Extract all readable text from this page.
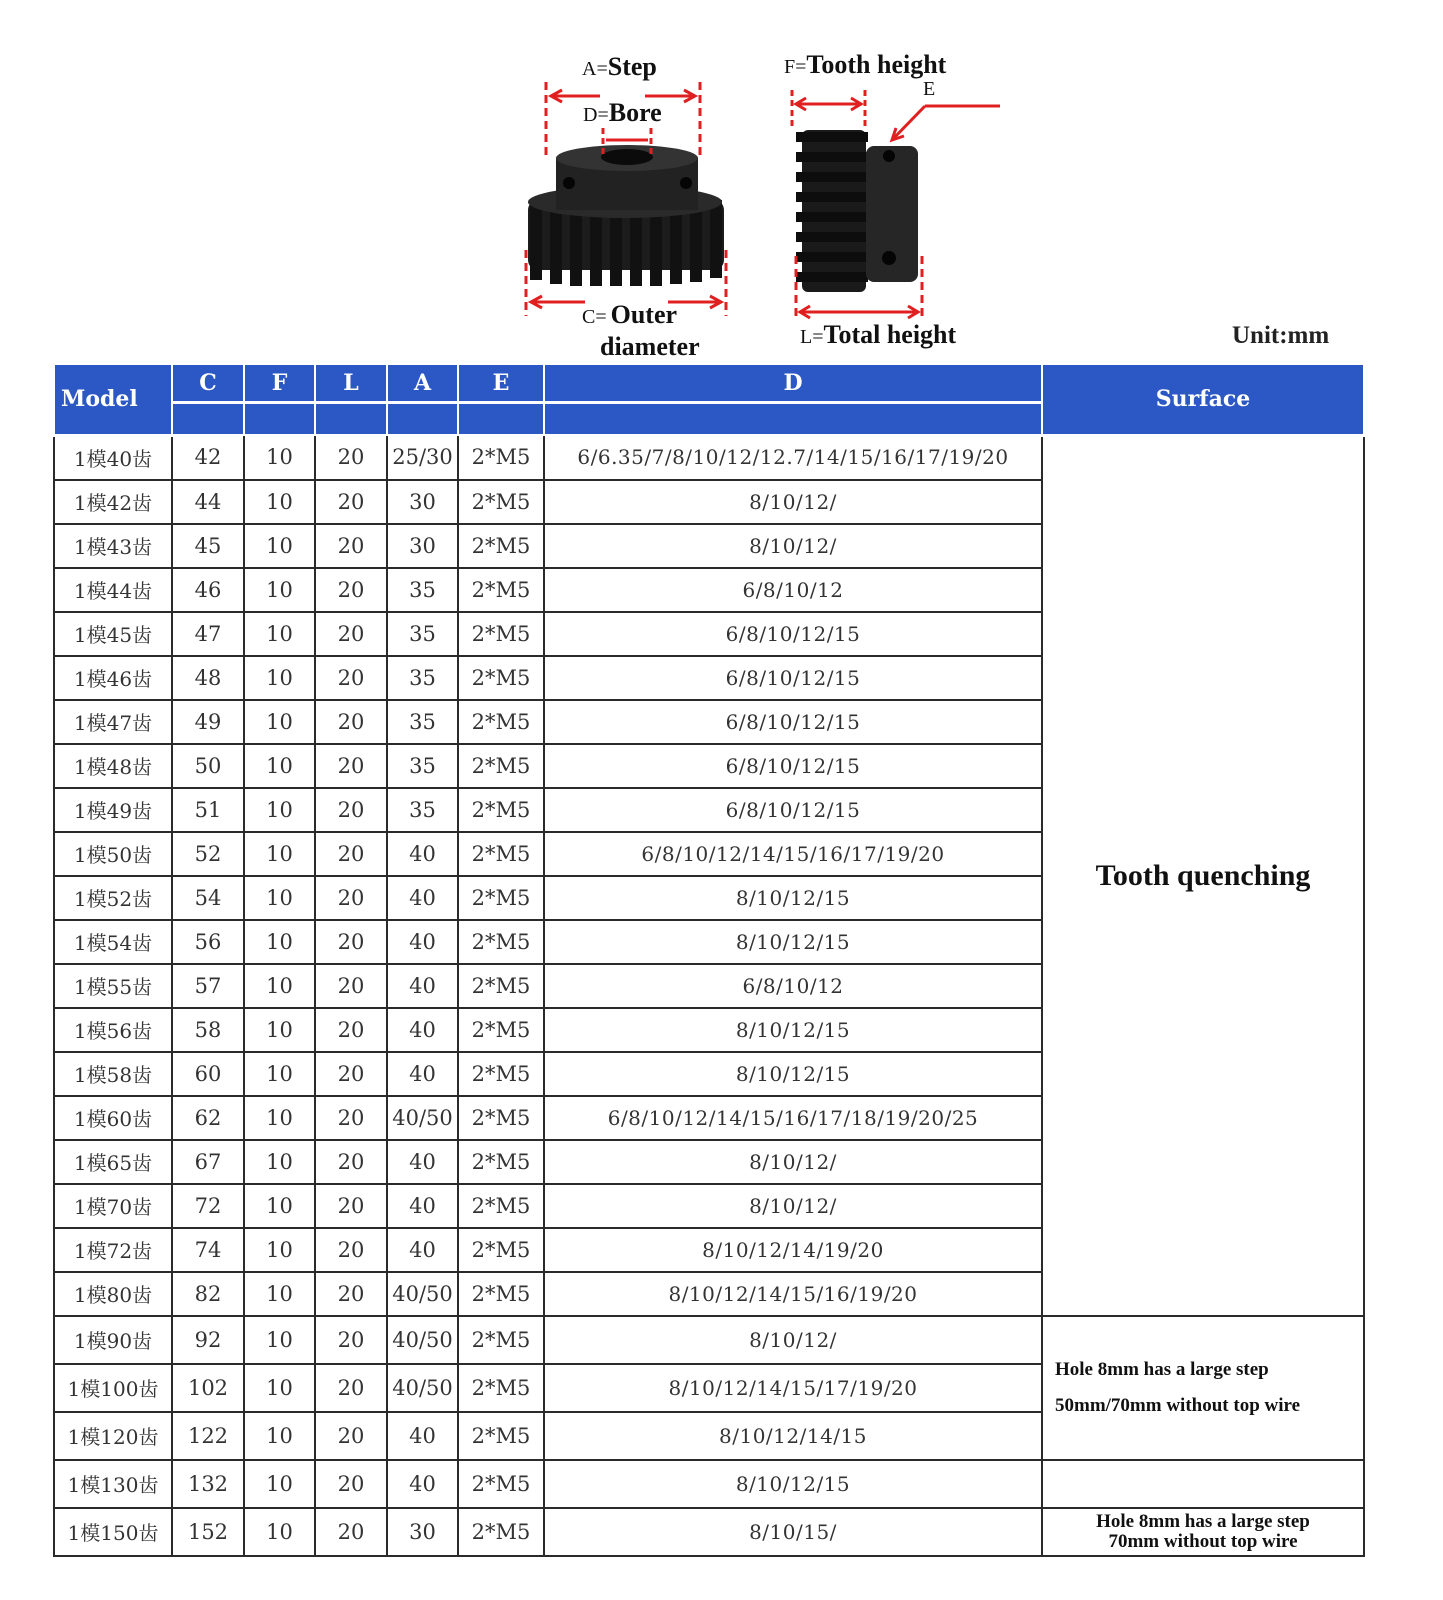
A=Step
D=Bore
C= Outer
diameter
F=Tooth height
E
L=Total height	Unit:mm
Model	C	F	L	A	E	D	Surface

1模40齿	42	10	20	25/30	2*M5	6/6.35/7/8/10/12/12.7/14/15/16/17/19/20	Tooth quenching
1模42齿	44	10	20	30	2*M5	8/10/12/	
1模43齿	45	10	20	30	2*M5	8/10/12/	
1模44齿	46	10	20	35	2*M5	6/8/10/12	
1模45齿	47	10	20	35	2*M5	6/8/10/12/15	
1模46齿	48	10	20	35	2*M5	6/8/10/12/15	
1模47齿	49	10	20	35	2*M5	6/8/10/12/15	
1模48齿	50	10	20	35	2*M5	6/8/10/12/15	
1模49齿	51	10	20	35	2*M5	6/8/10/12/15	
1模50齿	52	10	20	40	2*M5	6/8/10/12/14/15/16/17/19/20	
1模52齿	54	10	20	40	2*M5	8/10/12/15	
1模54齿	56	10	20	40	2*M5	8/10/12/15	
1模55齿	57	10	20	40	2*M5	6/8/10/12	
1模56齿	58	10	20	40	2*M5	8/10/12/15	
1模58齿	60	10	20	40	2*M5	8/10/12/15	
1模60齿	62	10	20	40/50	2*M5	6/8/10/12/14/15/16/17/18/19/20/25	
1模65齿	67	10	20	40	2*M5	8/10/12/	
1模70齿	72	10	20	40	2*M5	8/10/12/	
1模72齿	74	10	20	40	2*M5	8/10/12/14/19/20	
1模80齿	82	10	20	40/50	2*M5	8/10/12/14/15/16/19/20	
1模90齿	92	10	20	40/50	2*M5	8/10/12/	Hole 8mm has a large step
50mm/70mm without top wire

1模100齿	102	10	20	40/50	2*M5	8/10/12/14/15/17/19/20	
1模120齿	122	10	20	40	2*M5	8/10/12/14/15	
1模130齿	132	10	20	40	2*M5	8/10/12/15	
1模150齿	152	10	20	30	2*M5	8/10/15/	Hole 8mm has a large step
70mm without top wire
